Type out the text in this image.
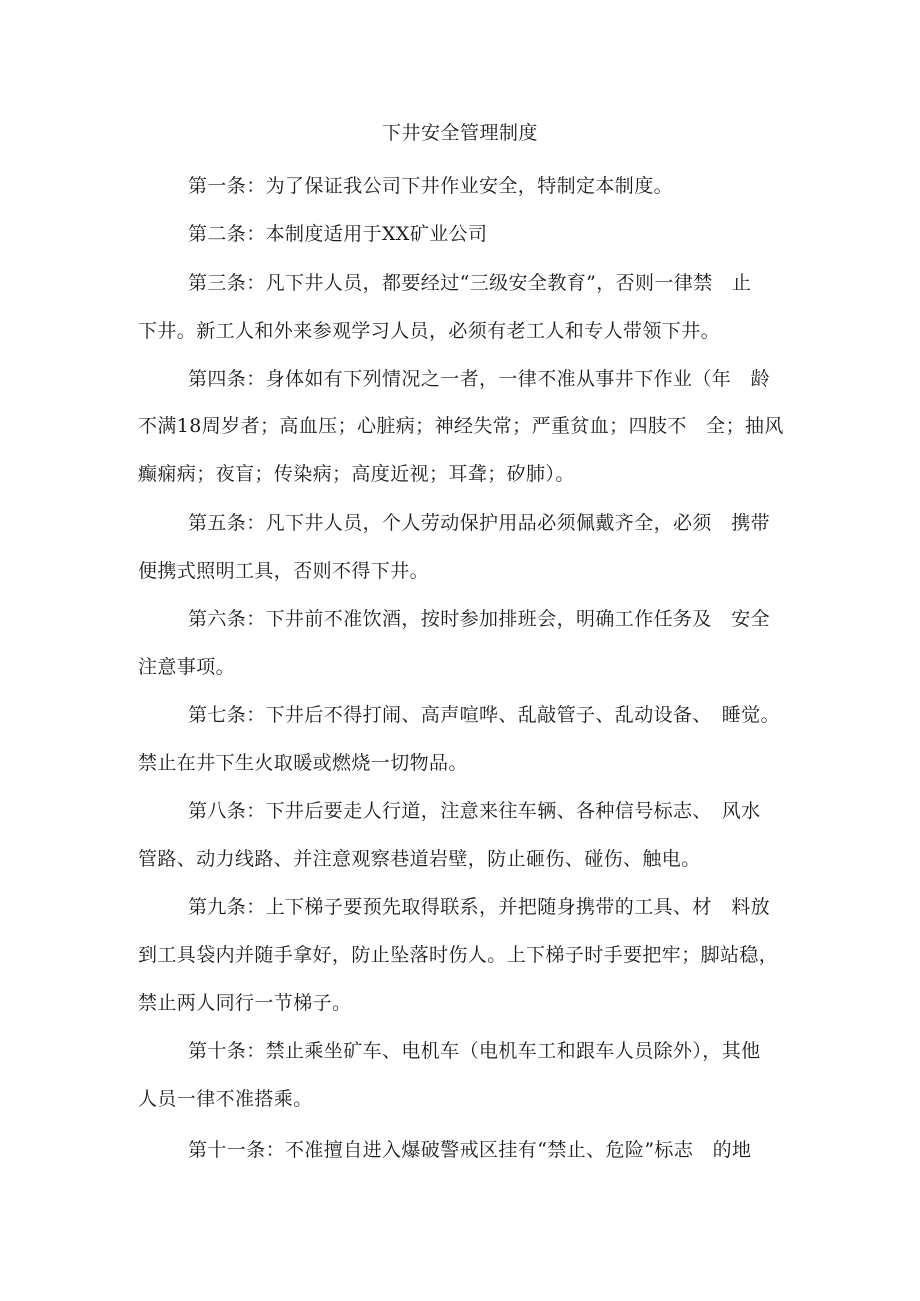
下井安全管理制度
第一条：为了保证我公司下井作业安全，特制定本制度。
第二条：本制度适用于XX矿业公司
第三条：凡下井人员，都要经过“三级安全教育”，否则一律禁　止
下井。新工人和外来参观学习人员，必须有老工人和专人带领下井。
第四条：身体如有下列情况之一者，一律不准从事井下作业（年　龄
不满18周岁者；高血压；心脏病；神经失常；严重贫血；四肢不　全；抽风
癫痫病；夜盲；传染病；高度近视；耳聋；矽肺）。
第五条：凡下井人员，个人劳动保护用品必须佩戴齐全，必须　携带
便携式照明工具，否则不得下井。
第六条：下井前不准饮酒，按时参加排班会，明确工作任务及　安全
注意事项。
第七条：下井后不得打闹、高声喧哗、乱敲管子、乱动设备、　睡觉。
禁止在井下生火取暖或燃烧一切物品。
第八条：下井后要走人行道，注意来往车辆、各种信号标志、　风水
管路、动力线路、并注意观察巷道岩壁，防止砸伤、碰伤、触电。
第九条：上下梯子要预先取得联系，并把随身携带的工具、材　料放
到工具袋内并随手拿好，防止坠落时伤人。上下梯子时手要把牢；脚站稳，
禁止两人同行一节梯子。
第十条：禁止乘坐矿车、电机车（电机车工和跟车人员除外），其他
人员一律不准搭乘。
第十一条：不准擅自进入爆破警戒区挂有“禁止、危险”标志　的地
